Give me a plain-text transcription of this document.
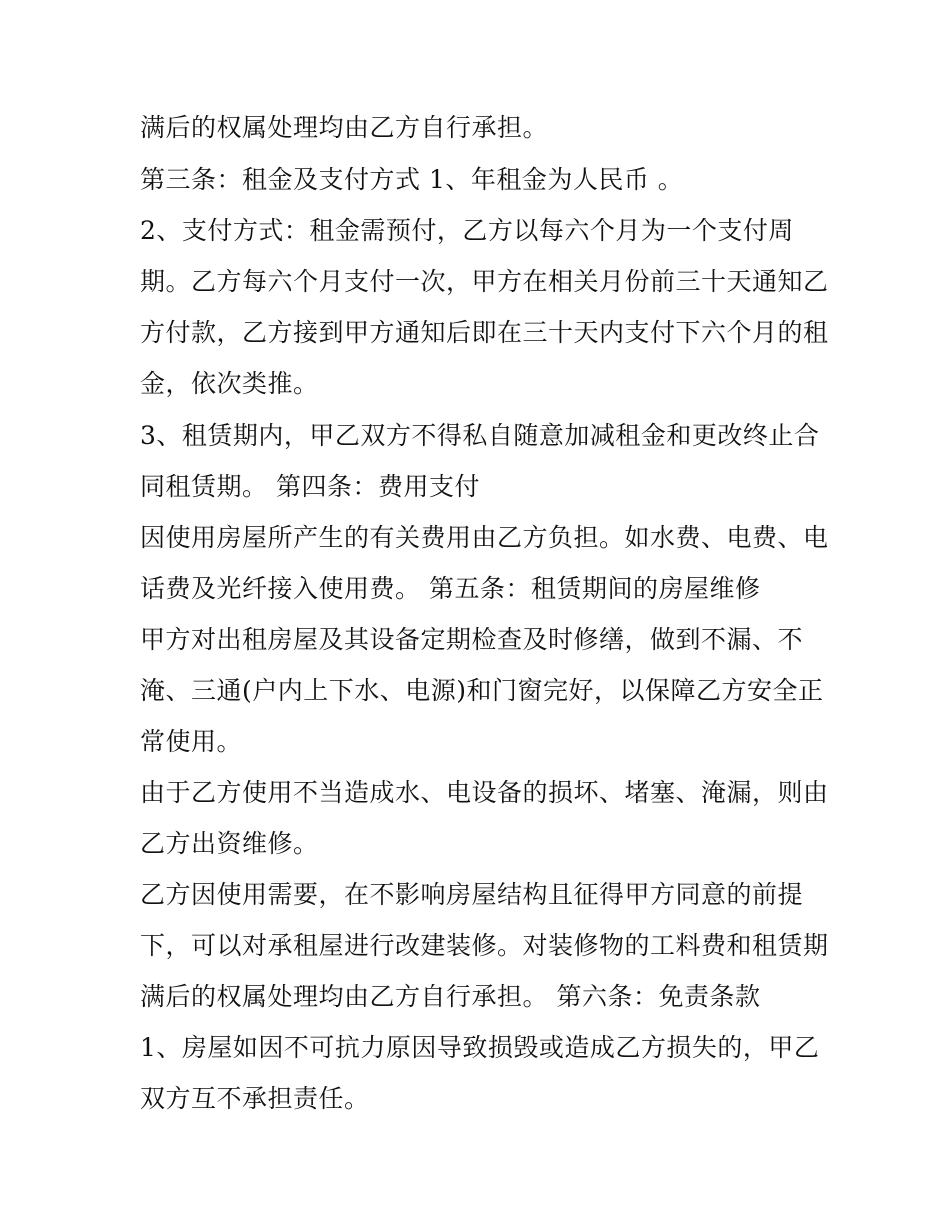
满后的权属处理均由乙方自行承担。

第三条：租金及支付方式 1、年租金为人民币 。

2、支付方式：租金需预付，乙方以每六个月为一个支付周

期。乙方每六个月支付一次，甲方在相关月份前三十天通知乙

方付款，乙方接到甲方通知后即在三十天内支付下六个月的租

金，依次类推。

3、租赁期内，甲乙双方不得私自随意加减租金和更改终止合

同租赁期。 第四条：费用支付

因使用房屋所产生的有关费用由乙方负担。如水费、电费、电

话费及光纤接入使用费。 第五条：租赁期间的房屋维修

甲方对出租房屋及其设备定期检查及时修缮，做到不漏、不

淹、三通(户内上下水、电源)和门窗完好，以保障乙方安全正

常使用。

由于乙方使用不当造成水、电设备的损坏、堵塞、淹漏，则由

乙方出资维修。

乙方因使用需要，在不影响房屋结构且征得甲方同意的前提

下，可以对承租屋进行改建装修。对装修物的工料费和租赁期

满后的权属处理均由乙方自行承担。 第六条：免责条款

1、房屋如因不可抗力原因导致损毁或造成乙方损失的，甲乙

双方互不承担责任。
